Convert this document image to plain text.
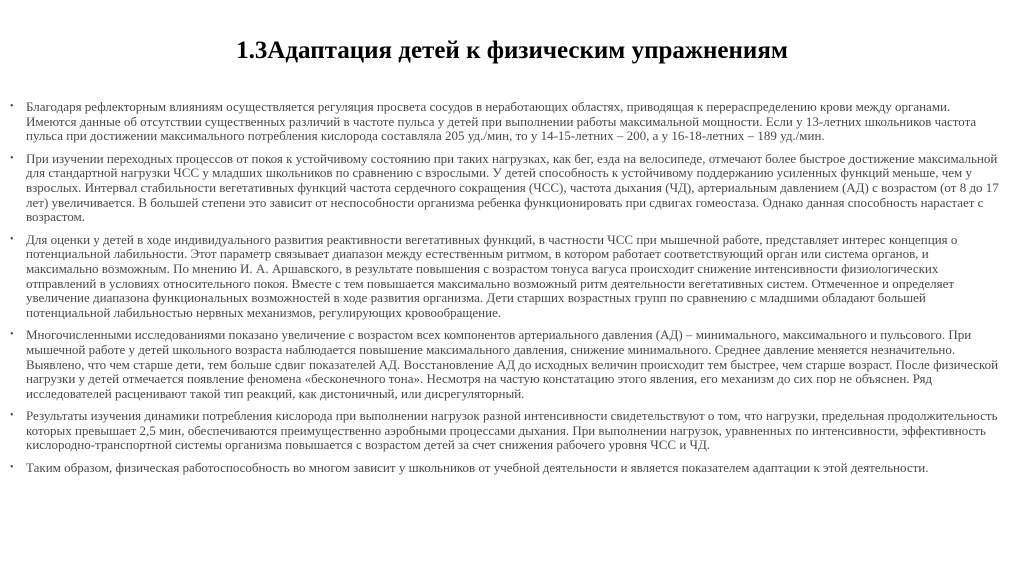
1.3Адаптация детей к физическим упражнениям
• Благодаря рефлекторным влияниям осуществляется регуляция просвета сосудов в неработающих областях, приводящая к перераспределению крови между органами. Имеются данные об отсутствии существенных различий в частоте пульса у детей при выполнении работы максимальной мощности. Если у 13-летних школьников частота пульса при достижении максимального потребления кислорода составляла 205 уд./мин, то у 14-15-летних – 200, а у 16-18-летних – 189 уд./мин.
• При изучении переходных процессов от покоя к устойчивому состоянию при таких нагрузках, как бег, езда на велосипеде, отмечают более быстрое достижение максимальной для стандартной нагрузки ЧСС у младших школьников по сравнению с взрослыми. У детей способность к устойчивому поддержанию усиленных функций меньше, чем у взрослых. Интервал стабильности вегетативных функций частота сердечного сокращения (ЧСС), частота дыхания (ЧД), артериальным давлением (АД) с возрастом (от 8 до 17 лет) увеличивается. В большей степени это зависит от неспособности организма ребенка функционировать при сдвигах гомеостаза. Однако данная способность нарастает с возрастом.
• Для оценки у детей в ходе индивидуального развития реактивности вегетативных функций, в частности ЧСС при мышечной работе, представляет интерес концепция о потенциальной лабильности. Этот параметр связывает диапазон между естественным ритмом, в котором работает соответствующий орган или система органов, и максимально возможным. По мнению И. А. Аршавского, в результате повышения с возрастом тонуса вагуса происходит снижение интенсивности физиологических отправлений в условиях относительного покоя. Вместе с тем повышается максимально возможный ритм деятельности вегетативных систем. Отмеченное и определяет увеличение диапазона функциональных возможностей в ходе развития организма. Дети старших возрастных групп по сравнению с младшими обладают большей потенциальной лабильностью нервных механизмов, регулирующих кровообращение.
• Многочисленными исследованиями показано увеличение с возрастом всех компонентов артериального давления (АД) – минимального, максимального и пульсового. При мышечной работе у детей школьного возраста наблюдается повышение максимального давления, снижение минимального. Среднее давление меняется незначительно. Выявлено, что чем старше дети, тем больше сдвиг показателей АД. Восстановление АД до исходных величин происходит тем быстрее, чем старше возраст. После физической нагрузки у детей отмечается появление феномена «бесконечного тона». Несмотря на частую констатацию этого явления, его механизм до сих пор не объяснен. Ряд исследователей расценивают такой тип реакций, как дистоничный, или дисрегуляторный.
• Результаты изучения динамики потребления кислорода при выполнении нагрузок разной интенсивности свидетельствуют о том, что нагрузки, предельная продолжительность которых превышает 2,5 мин, обеспечиваются преимущественно аэробными процессами дыхания. При выполнении нагрузок, уравненных по интенсивности, эффективность кислородно-транспортной системы организма повышается с возрастом детей за счет снижения рабочего уровня ЧСС и ЧД.
• Таким образом, физическая работоспособность во многом зависит у школьников от учебной деятельности и является показателем адаптации к этой деятельности.
